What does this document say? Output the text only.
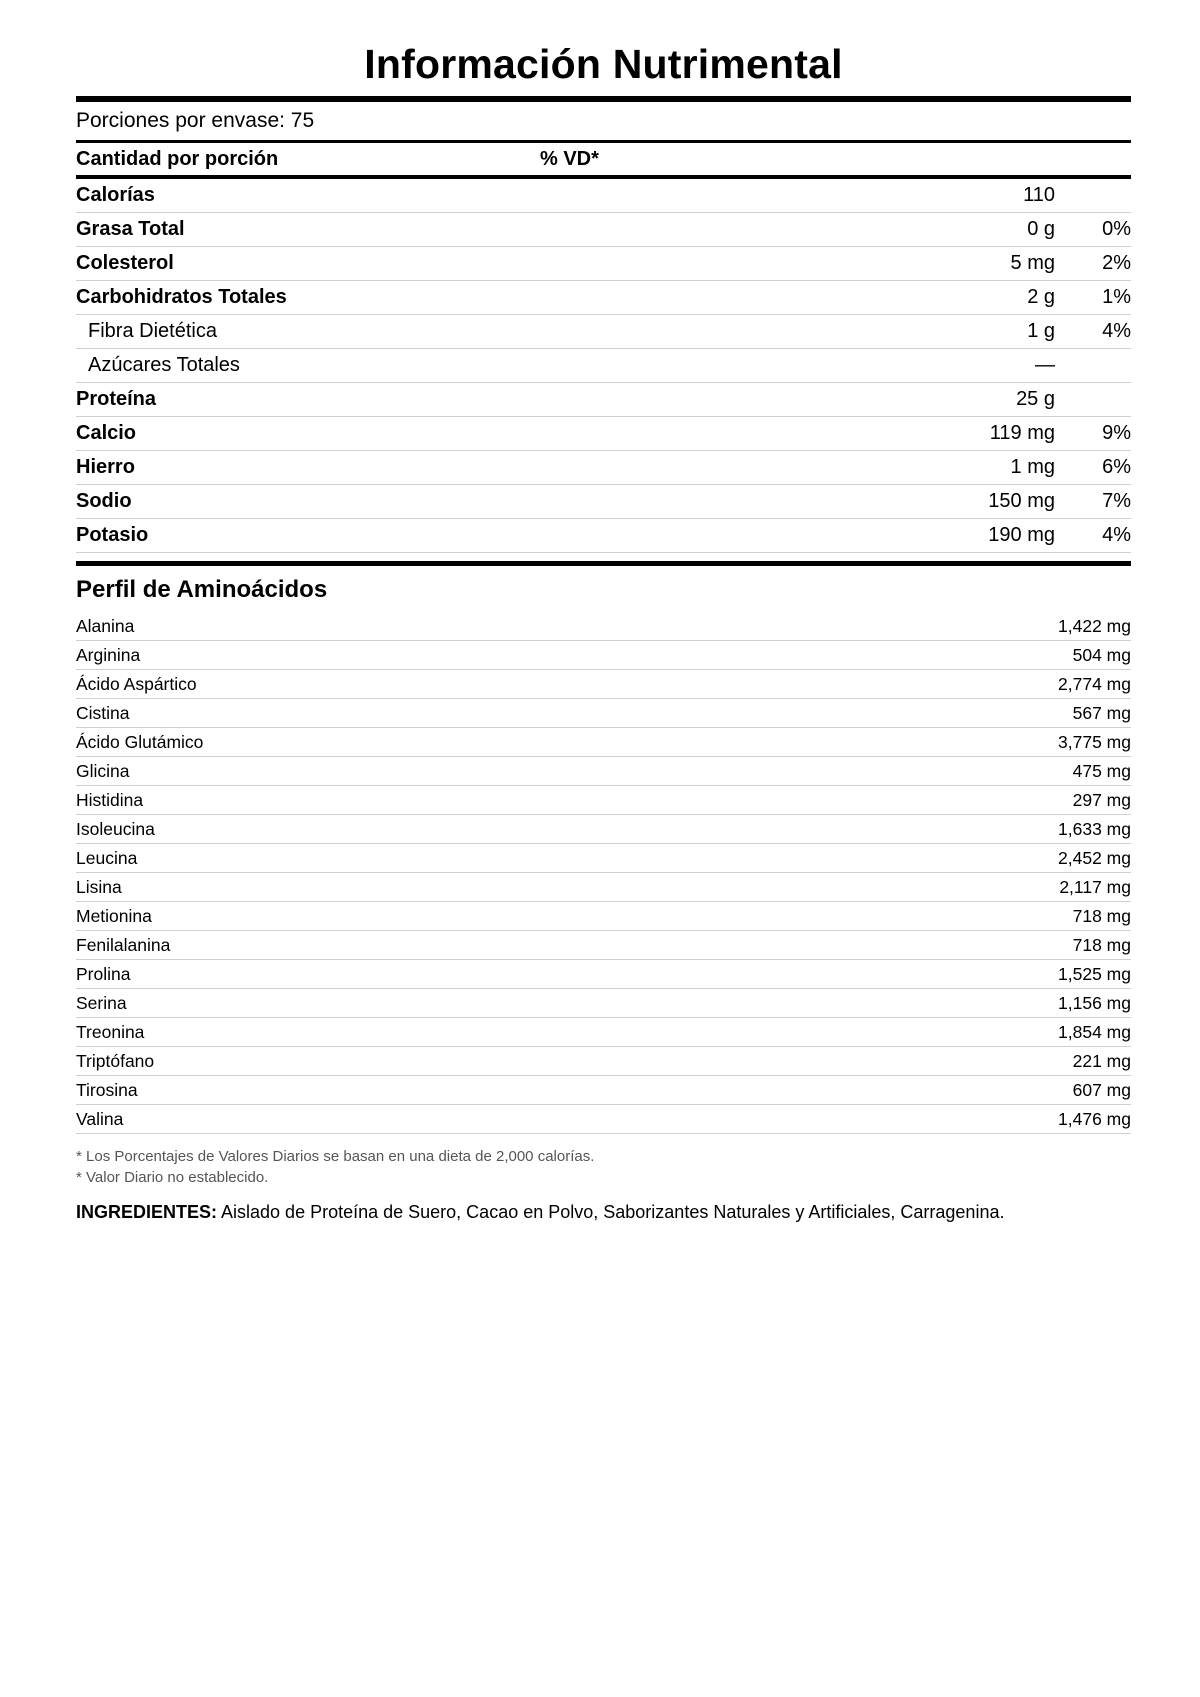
Información Nutrimental
Porciones por envase: 75
Cantidad por porción	% VD*
Calorías	110
Grasa Total	0 g 0%
Colesterol	5 mg 2%
Carbohidratos Totales	2 g 1%
Fibra Dietética	1 g 4%
Azúcares Totales	—
Proteína	25 g
Calcio	119 mg 9%
Hierro	1 mg 6%
Sodio	150 mg 7%
Potasio	190 mg 4%
Perfil de Aminoácidos
Alanina	1,422 mg
Arginina	504 mg
Ácido Aspártico	2,774 mg
Cistina	567 mg
Ácido Glutámico	3,775 mg
Glicina	475 mg
Histidina	297 mg
Isoleucina	1,633 mg
Leucina	2,452 mg
Lisina	2,117 mg
Metionina	718 mg
Fenilalanina	718 mg
Prolina	1,525 mg
Serina	1,156 mg
Treonina	1,854 mg
Triptófano	221 mg
Tirosina	607 mg
Valina	1,476 mg
* Los Porcentajes de Valores Diarios se basan en una dieta de 2,000 calorías.
* Valor Diario no establecido.
INGREDIENTES: Aislado de Proteína de Suero, Cacao en Polvo, Saborizantes Naturales y Artificiales, Carragenina.
